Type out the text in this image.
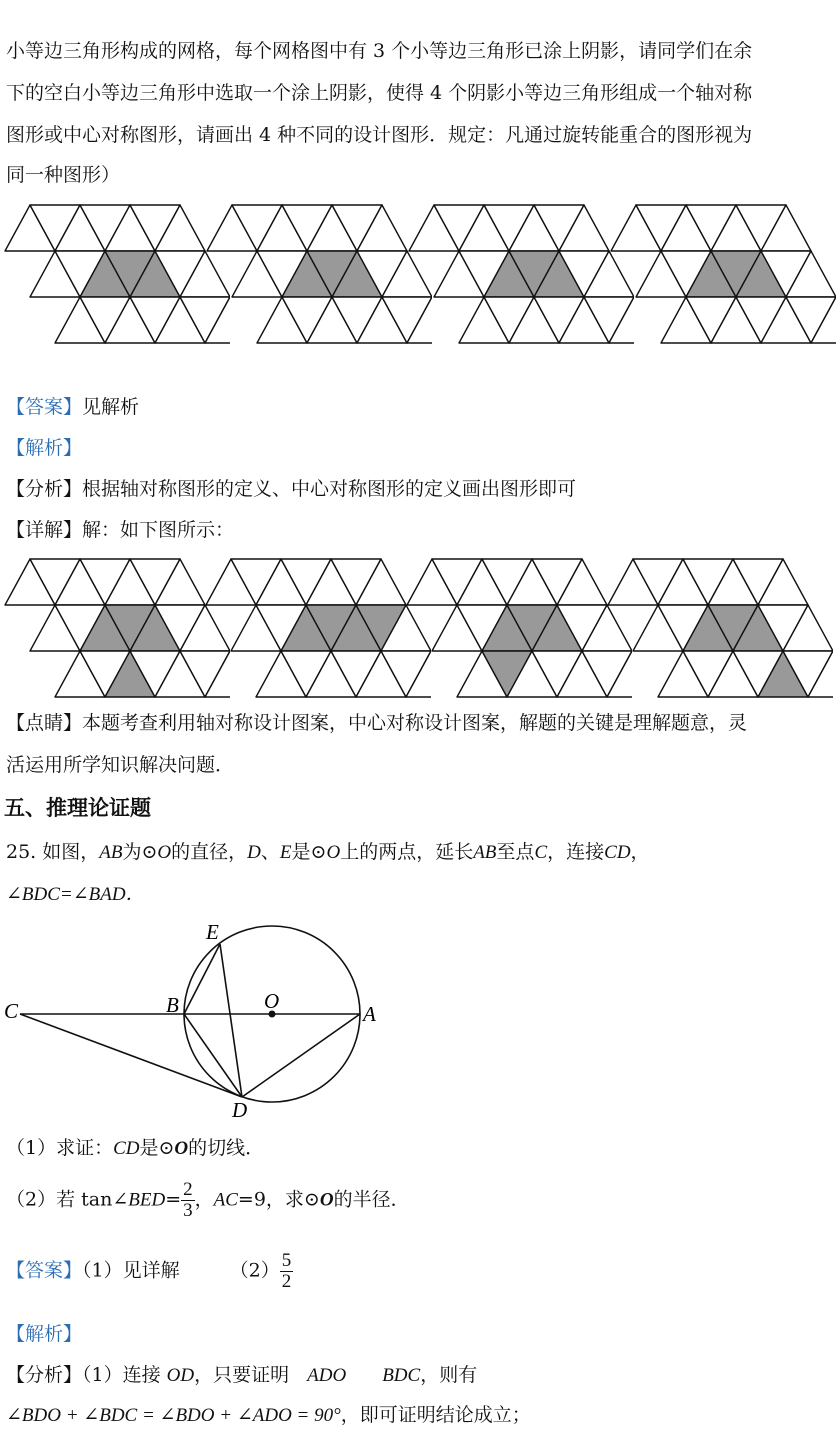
小等边三角形构成的网格，每个网格图中有 3 个小等边三角形已涂上阴影，请同学们在余
下的空白小等边三角形中选取一个涂上阴影，使得 4 个阴影小等边三角形组成一个轴对称
图形或中心对称图形，请画出 4 种不同的设计图形．规定：凡通过旋转能重合的图形视为
同一种图形）
【答案】见解析
【解析】
【分析】根据轴对称图形的定义、中心对称图形的定义画出图形即可
【详解】解：如下图所示：
【点睛】本题考查利用轴对称设计图案，中心对称设计图案，解题的关键是理解题意，灵
活运用所学知识解决问题．
五、推理论证题
25. 如图，AB为⊙O的直径，D、E是⊙O上的两点，延长AB至点C，连接CD，
∠BDC=∠BAD．
E
O
B	A
C
D
（1）求证：CD是⊙O的切线．
（2）若 tan∠BED= $\frac{2}{3}$ ，AC=9，求⊙O的半径．
【答案】（1）见详解	$(2) \frac{5}{2}$
【解析】
【分析】（1）连接 OD，只要证明 ADO BDC，则有
∠BDO + ∠BDC = ∠BDO + ∠ADO = 90°，即可证明结论成立；
